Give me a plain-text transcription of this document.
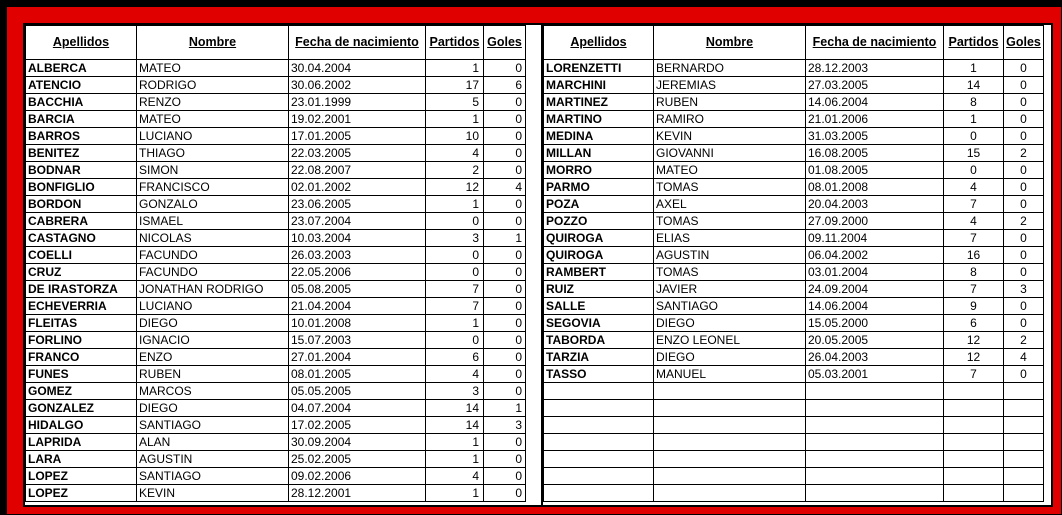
Apellidos	Nombre	Fecha de nacimiento	Partidos	Goles
ALBERCA	MATEO	30.04.2004	1	0
ATENCIO	RODRIGO	30.06.2002	17	6
BACCHIA	RENZO	23.01.1999	5	0
BARCIA	MATEO	19.02.2001	1	0
BARROS	LUCIANO	17.01.2005	10	0
BENITEZ	THIAGO	22.03.2005	4	0
BODNAR	SIMON	22.08.2007	2	0
BONFIGLIO	FRANCISCO	02.01.2002	12	4
BORDON	GONZALO	23.06.2005	1	0
CABRERA	ISMAEL	23.07.2004	0	0
CASTAGNO	NICOLAS	10.03.2004	3	1
COELLI	FACUNDO	26.03.2003	0	0
CRUZ	FACUNDO	22.05.2006	0	0
DE IRASTORZA	JONATHAN RODRIGO	05.08.2005	7	0
ECHEVERRIA	LUCIANO	21.04.2004	7	0
FLEITAS	DIEGO	10.01.2008	1	0
FORLINO	IGNACIO	15.07.2003	0	0
FRANCO	ENZO	27.01.2004	6	0
FUNES	RUBEN	08.01.2005	4	0
GOMEZ	MARCOS	05.05.2005	3	0
GONZALEZ	DIEGO	04.07.2004	14	1
HIDALGO	SANTIAGO	17.02.2005	14	3
LAPRIDA	ALAN	30.09.2004	1	0
LARA	AGUSTIN	25.02.2005	1	0
LOPEZ	SANTIAGO	09.02.2006	4	0
LOPEZ	KEVIN	28.12.2001	1	0
Apellidos	Nombre	Fecha de nacimiento	Partidos	Goles
LORENZETTI	BERNARDO	28.12.2003	1	0
MARCHINI	JEREMIAS	27.03.2005	14	0
MARTINEZ	RUBEN	14.06.2004	8	0
MARTINO	RAMIRO	21.01.2006	1	0
MEDINA	KEVIN	31.03.2005	0	0
MILLAN	GIOVANNI	16.08.2005	15	2
MORRO	MATEO	01.08.2005	0	0
PARMO	TOMAS	08.01.2008	4	0
POZA	AXEL	20.04.2003	7	0
POZZO	TOMAS	27.09.2000	4	2
QUIROGA	ELIAS	09.11.2004	7	0
QUIROGA	AGUSTIN	06.04.2002	16	0
RAMBERT	TOMAS	03.01.2004	8	0
RUIZ	JAVIER	24.09.2004	7	3
SALLE	SANTIAGO	14.06.2004	9	0
SEGOVIA	DIEGO	15.05.2000	6	0
TABORDA	ENZO LEONEL	20.05.2005	12	2
TARZIA	DIEGO	26.04.2003	12	4
TASSO	MANUEL	05.03.2001	7	0
